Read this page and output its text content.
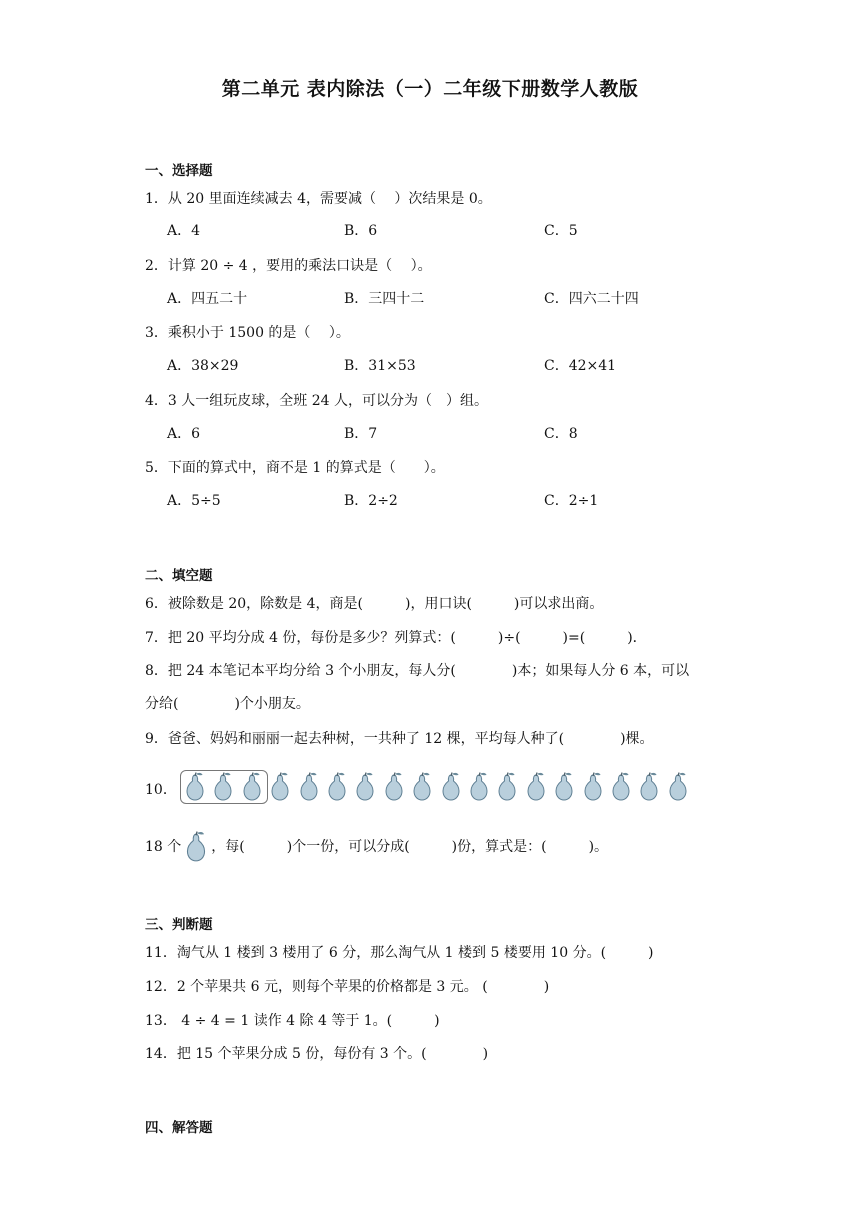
第二单元 表内除法（一）二年级下册数学人教版
一、选择题
1．从 20 里面连续减去 4，需要减（　 ）次结果是 0。
A．4	B．6	C．5
2．计算 20 ÷ 4 ，要用的乘法口诀是（　 ）。
A．四五二十	B．三四十二	C．四六二十四
3．乘积小于 1500 的是（　 ）。
A．38×29	B．31×53	C．42×41
4．3 人一组玩皮球，全班 24 人，可以分为（　）组。
A．6	B．7	C．8
5．下面的算式中，商不是 1 的算式是（　　）。
A．5÷5	B．2÷2	C．2÷1
二、填空题
6．被除数是 20，除数是 4，商是(　　　)，用口诀(　　　)可以求出商。
7．把 20 平均分成 4 份，每份是多少？列算式：(　　　)÷(　　　)=(　　　)．
8．把 24 本笔记本平均分给 3 个小朋友，每人分(　　　　)本；如果每人分 6 本，可以
分给(　　　　)个小朋友。
9．爸爸、妈妈和丽丽一起去种树，一共种了 12 棵，平均每人种了(　　　　)棵。
10．
18 个 ，每(　　　)个一份，可以分成(　　　)份，算式是：(　　　)。
三、判断题
11．淘气从 1 楼到 3 楼用了 6 分，那么淘气从 1 楼到 5 楼要用 10 分。(　　　)
12．2 个苹果共 6 元，则每个苹果的价格都是 3 元。 (　　　　)
13． 4 ÷ 4 = 1 读作 4 除 4 等于 1。(　　　)
14．把 15 个苹果分成 5 份，每份有 3 个。(　　　　)
四、解答题
